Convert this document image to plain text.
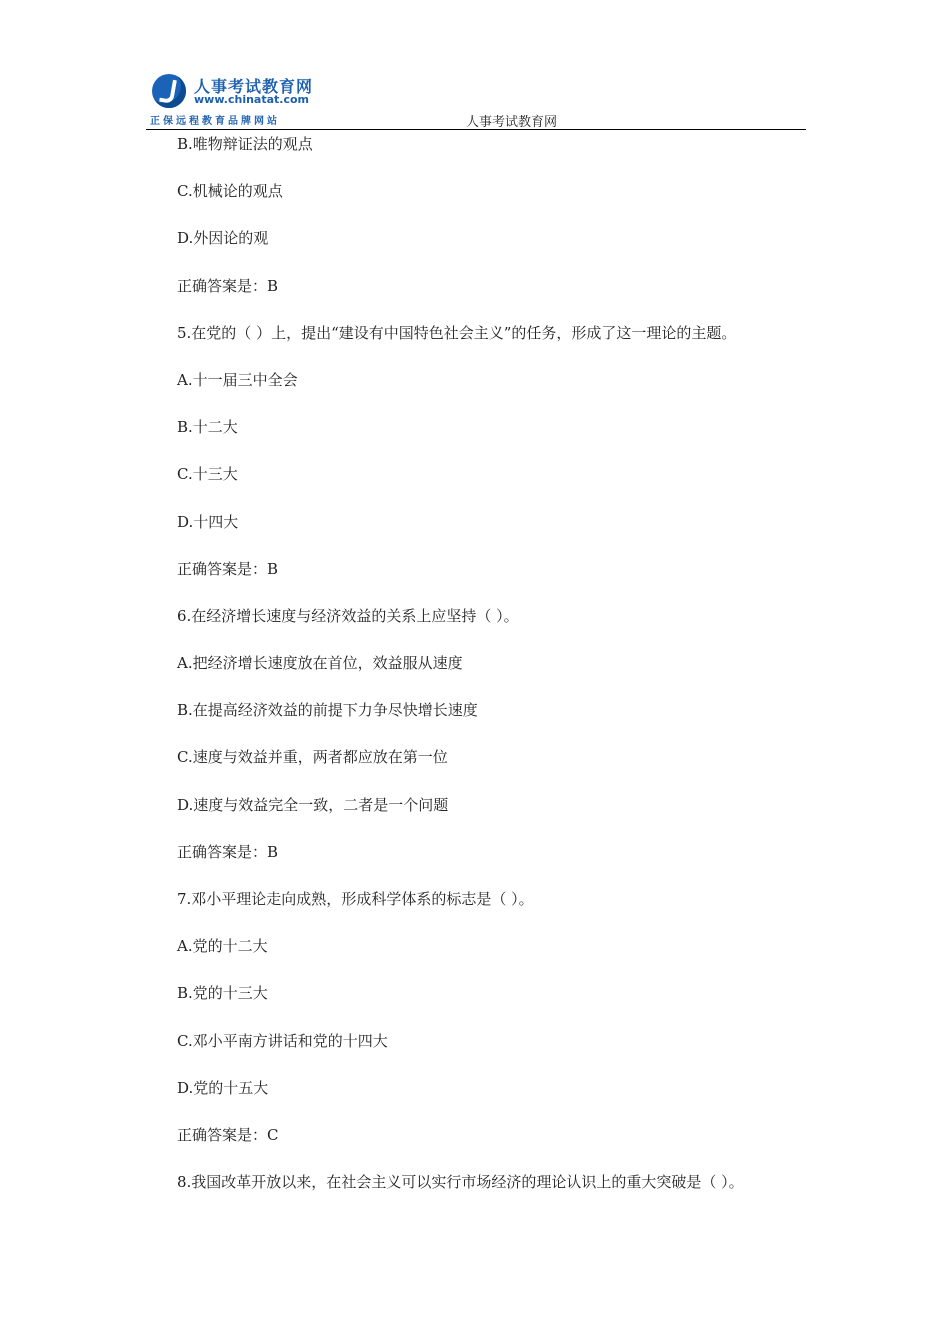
人事考试教育网
www.chinatat.com
正保远程教育品牌网站	人事考试教育网
B.唯物辩证法的观点
C.机械论的观点
D.外因论的观
正确答案是：B
5.在党的（ ）上，提出“建设有中国特色社会主义”的任务，形成了这一理论的主题。
A.十一届三中全会
B.十二大
C.十三大
D.十四大
正确答案是：B
6.在经济增长速度与经济效益的关系上应坚持（ ）。
A.把经济增长速度放在首位，效益服从速度
B.在提高经济效益的前提下力争尽快增长速度
C.速度与效益并重，两者都应放在第一位
D.速度与效益完全一致，二者是一个问题
正确答案是：B
7.邓小平理论走向成熟，形成科学体系的标志是（ ）。
A.党的十二大
B.党的十三大
C.邓小平南方讲话和党的十四大
D.党的十五大
正确答案是：C
8.我国改革开放以来，在社会主义可以实行市场经济的理论认识上的重大突破是（ ）。
